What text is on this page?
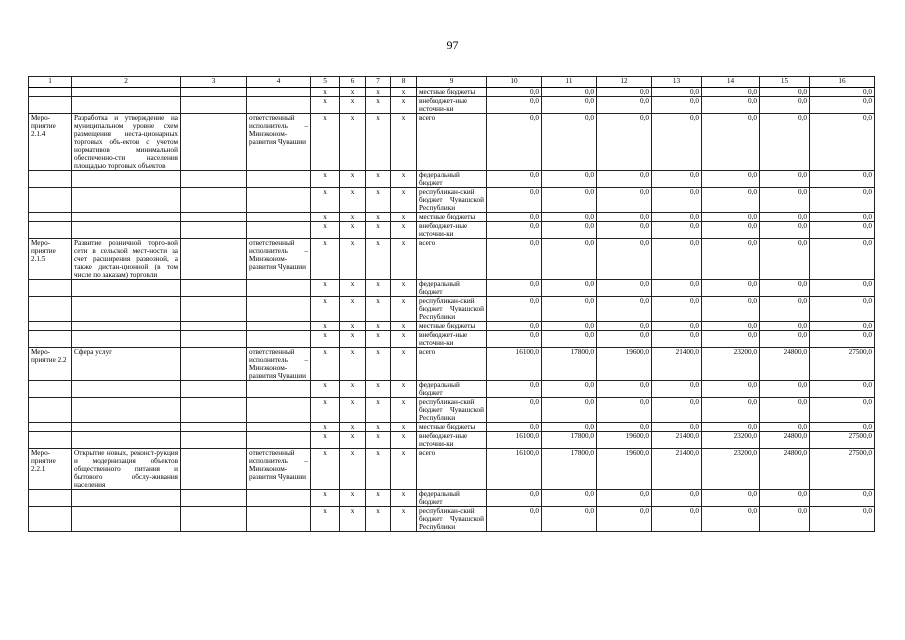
97
1	2	3	4	5	6	7	8	9	10	11	12	13	14	15	16
				x	x	x	x	местные бюджеты	0,0	0,0	0,0	0,0	0,0	0,0	0,0
				x	x	x	x	внебюджет-ные источни-ки	0,0	0,0	0,0	0,0	0,0	0,0	0,0
Меро-приятие 2.1.4	Разработка и утверждение на муниципальном уровне схем размещения неста-ционарных торговых объ-ектов с учетом нормативов минимальной обеспеченно-сти населения площадью торговых объектов		ответственный исполнитель – Минэконом-развития Чувашии	x	x	x	x	всего	0,0	0,0	0,0	0,0	0,0	0,0	0,0
				x	x	x	x	федеральный бюджет	0,0	0,0	0,0	0,0	0,0	0,0	0,0
				x	x	x	x	республикан-ский бюджет Чувашской Республики	0,0	0,0	0,0	0,0	0,0	0,0	0,0
				x	x	x	x	местные бюджеты	0,0	0,0	0,0	0,0	0,0	0,0	0,0
				x	x	x	x	внебюджет-ные источни-ки	0,0	0,0	0,0	0,0	0,0	0,0	0,0
Меро-приятие 2.1.5	Развитие розничной торго-вой сети в сельской мест-ности за счет расширения развозной, а также дистан-ционной (в том числе по заказам) торговли		ответственный исполнитель – Минэконом-развития Чувашии	x	x	x	x	всего	0,0	0,0	0,0	0,0	0,0	0,0	0,0
				x	x	x	x	федеральный бюджет	0,0	0,0	0,0	0,0	0,0	0,0	0,0
				x	x	x	x	республикан-ский бюджет Чувашской Республики	0,0	0,0	0,0	0,0	0,0	0,0	0,0
				x	x	x	x	местные бюджеты	0,0	0,0	0,0	0,0	0,0	0,0	0,0
				x	x	x	x	внебюджет-ные источни-ки	0,0	0,0	0,0	0,0	0,0	0,0	0,0
Меро-приятие 2.2	Сфера услуг		ответственный исполнитель – Минэконом-развития Чувашии	x	x	x	x	всего	16100,0	17800,0	19600,0	21400,0	23200,0	24800,0	27500,0
				x	x	x	x	федеральный бюджет	0,0	0,0	0,0	0,0	0,0	0,0	0,0
				x	x	x	x	республикан-ский бюджет Чувашской Республики	0,0	0,0	0,0	0,0	0,0	0,0	0,0
				x	x	x	x	местные бюджеты	0,0	0,0	0,0	0,0	0,0	0,0	0,0
				x	x	x	x	внебюджет-ные источни-ки	16100,0	17800,0	19600,0	21400,0	23200,0	24800,0	27500,0
Меро-приятие 2.2.1	Открытие новых, реконст-рукция и модернизация объектов общественного питания и бытового обслу-живания населения		ответственный исполнитель – Минэконом-развития Чувашии	x	x	x	x	всего	16100,0	17800,0	19600,0	21400,0	23200,0	24800,0	27500,0
				x	x	x	x	федеральный бюджет	0,0	0,0	0,0	0,0	0,0	0,0	0,0
				x	x	x	x	республикан-ский бюджет Чувашской Республики	0,0	0,0	0,0	0,0	0,0	0,0	0,0
